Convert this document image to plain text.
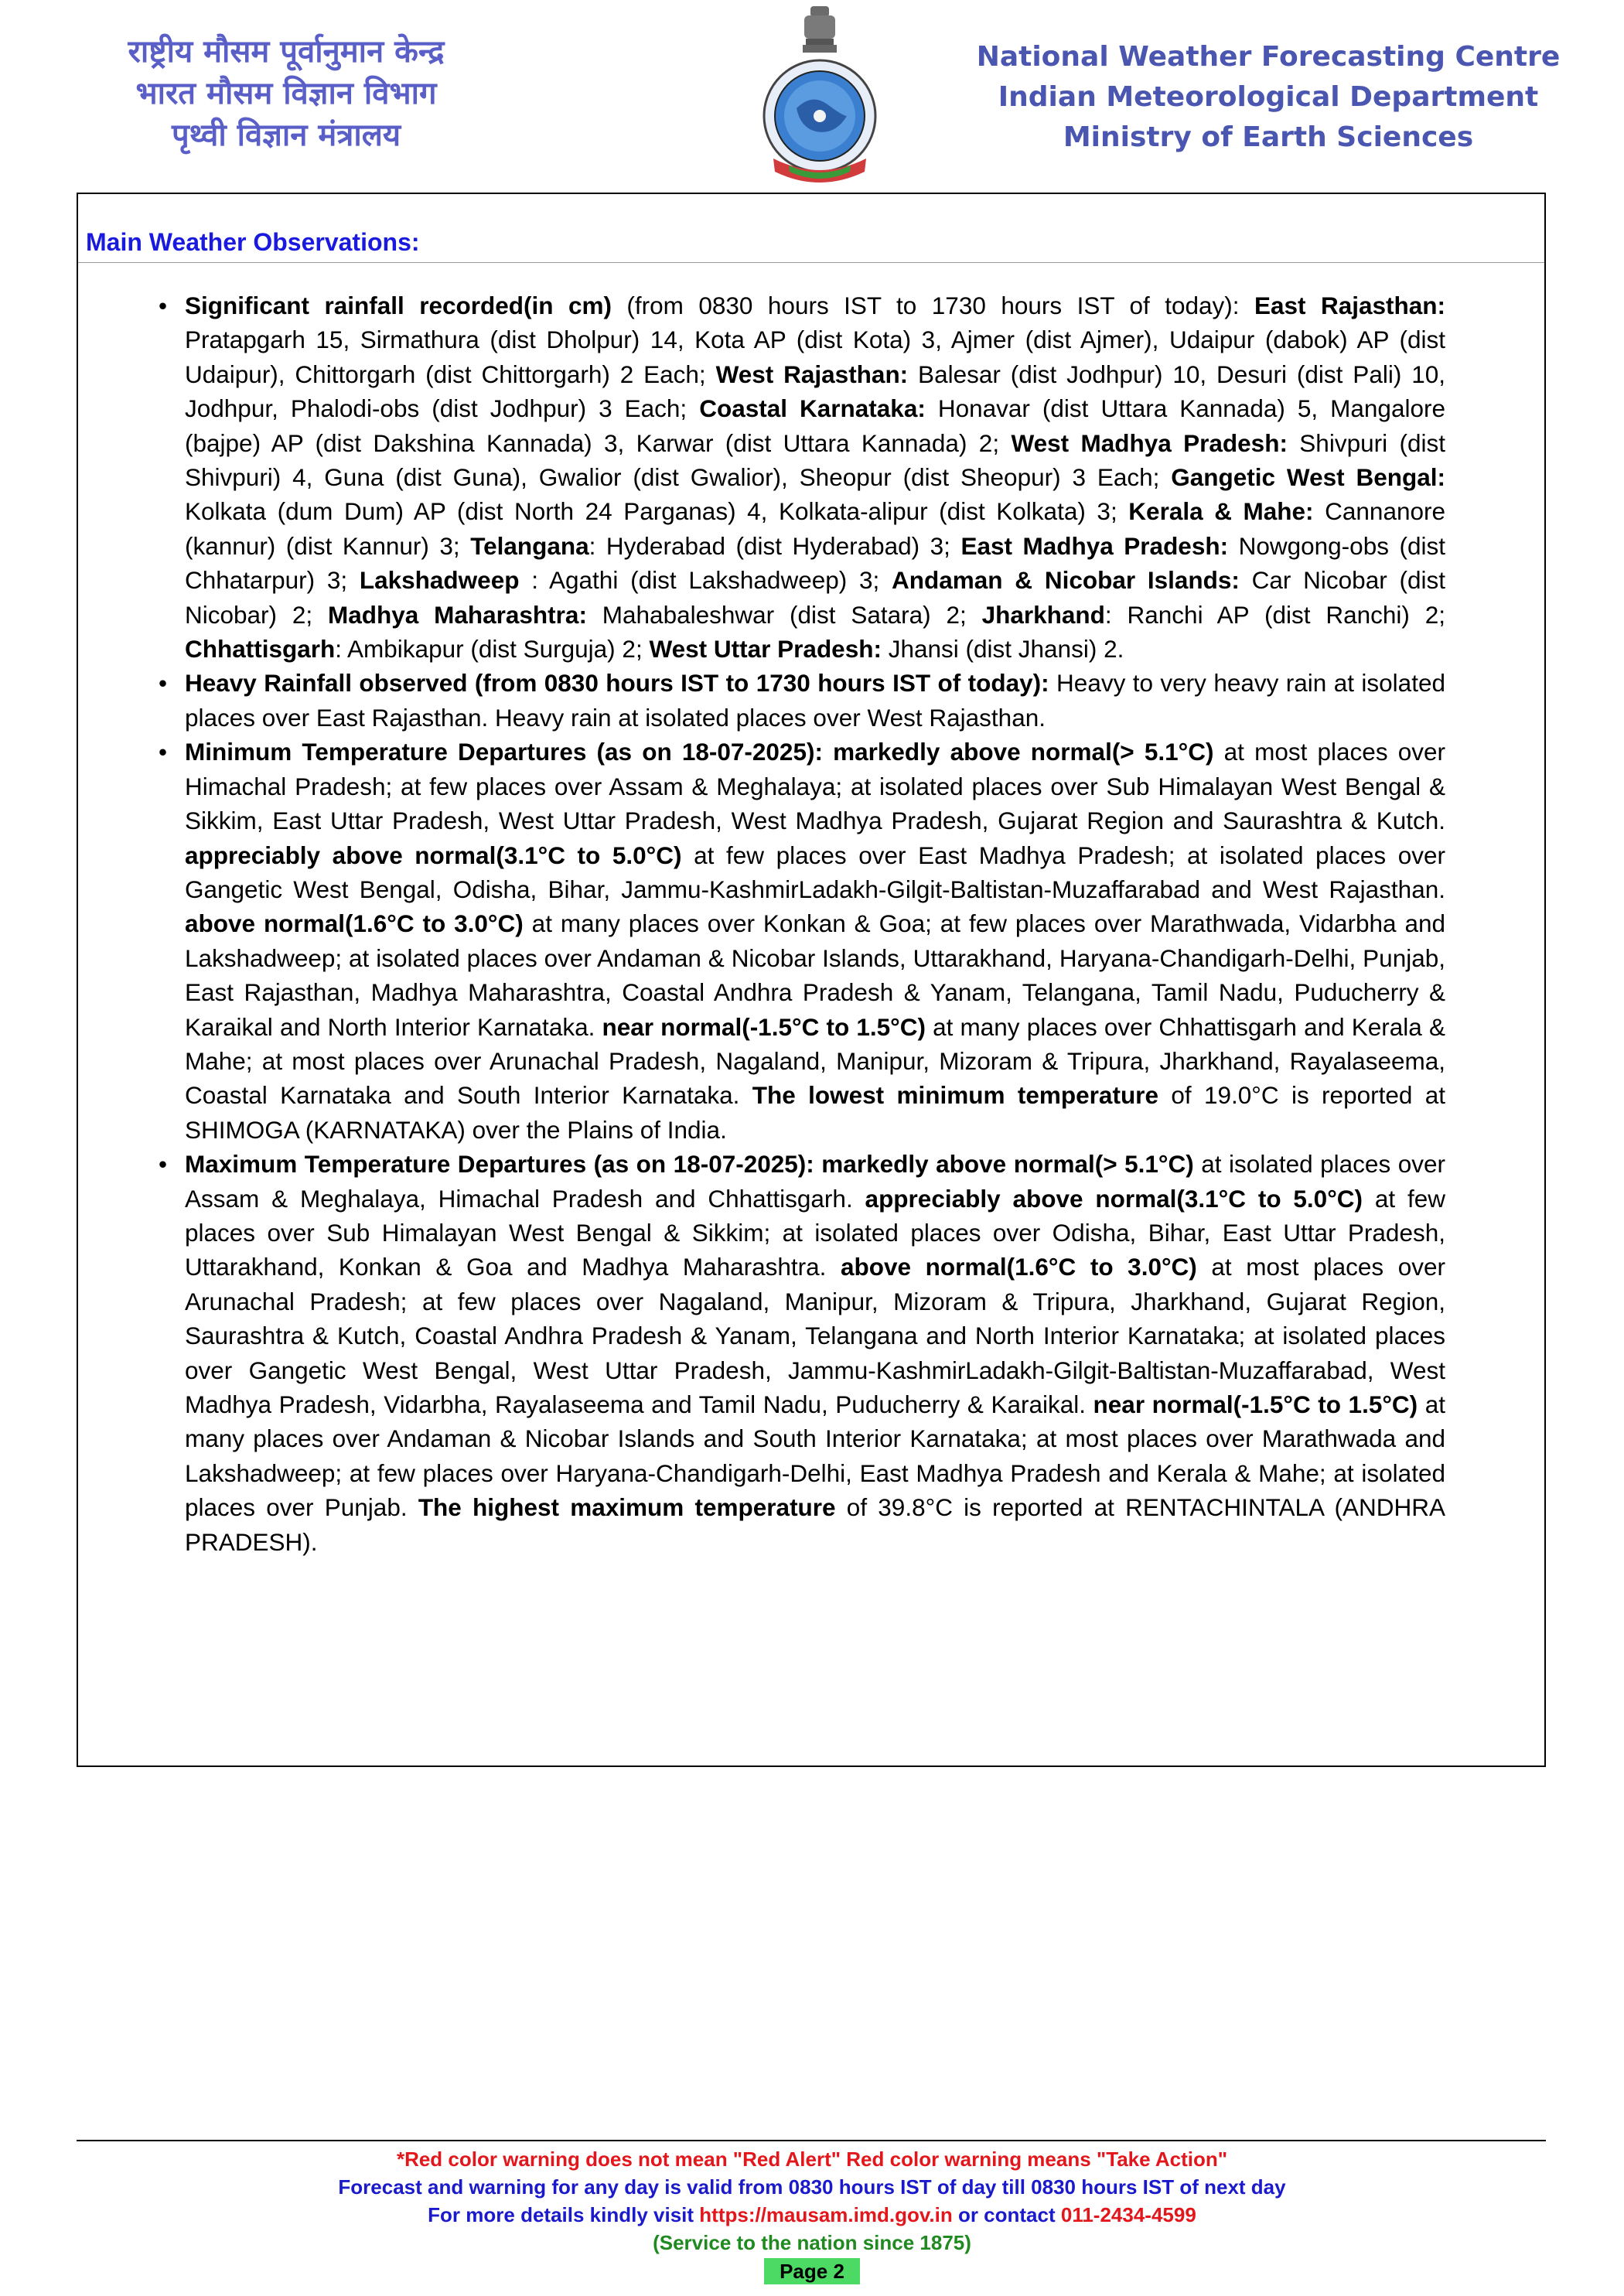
राष्ट्रीय मौसम पूर्वानुमान केन्द्र
भारत मौसम विज्ञान विभाग
पृथ्वी विज्ञान मंत्रालय
National Weather Forecasting Centre
Indian Meteorological Department
Ministry of Earth Sciences
Main Weather Observations:
• Significant rainfall recorded(in cm) (from 0830 hours IST to 1730 hours IST of today): East Rajasthan: Pratapgarh 15, Sirmathura (dist Dholpur) 14, Kota AP (dist Kota) 3, Ajmer (dist Ajmer), Udaipur (dabok) AP (dist Udaipur), Chittorgarh (dist Chittorgarh) 2 Each; West Rajasthan: Balesar (dist Jodhpur) 10, Desuri (dist Pali) 10, Jodhpur, Phalodi-obs (dist Jodhpur) 3 Each; Coastal Karnataka: Honavar (dist Uttara Kannada) 5, Mangalore (bajpe) AP (dist Dakshina Kannada) 3, Karwar (dist Uttara Kannada) 2; West Madhya Pradesh: Shivpuri (dist Shivpuri) 4, Guna (dist Guna), Gwalior (dist Gwalior), Sheopur (dist Sheopur) 3 Each; Gangetic West Bengal: Kolkata (dum Dum) AP (dist North 24 Parganas) 4, Kolkata-alipur (dist Kolkata) 3; Kerala & Mahe: Cannanore (kannur) (dist Kannur) 3; Telangana: Hyderabad (dist Hyderabad) 3; East Madhya Pradesh: Nowgong-obs (dist Chhatarpur) 3; Lakshadweep : Agathi (dist Lakshadweep) 3; Andaman & Nicobar Islands: Car Nicobar (dist Nicobar) 2; Madhya Maharashtra: Mahabaleshwar (dist Satara) 2; Jharkhand: Ranchi AP (dist Ranchi) 2; Chhattisgarh: Ambikapur (dist Surguja) 2; West Uttar Pradesh: Jhansi (dist Jhansi) 2.
• Heavy Rainfall observed (from 0830 hours IST to 1730 hours IST of today): Heavy to very heavy rain at isolated places over East Rajasthan. Heavy rain at isolated places over West Rajasthan.
• Minimum Temperature Departures (as on 18-07-2025): markedly above normal(> 5.1°C) at most places over Himachal Pradesh; at few places over Assam & Meghalaya; at isolated places over Sub Himalayan West Bengal & Sikkim, East Uttar Pradesh, West Uttar Pradesh, West Madhya Pradesh, Gujarat Region and Saurashtra & Kutch. appreciably above normal(3.1°C to 5.0°C) at few places over East Madhya Pradesh; at isolated places over Gangetic West Bengal, Odisha, Bihar, Jammu-KashmirLadakh-Gilgit-Baltistan-Muzaffarabad and West Rajasthan. above normal(1.6°C to 3.0°C) at many places over Konkan & Goa; at few places over Marathwada, Vidarbha and Lakshadweep; at isolated places over Andaman & Nicobar Islands, Uttarakhand, Haryana-Chandigarh-Delhi, Punjab, East Rajasthan, Madhya Maharashtra, Coastal Andhra Pradesh & Yanam, Telangana, Tamil Nadu, Puducherry & Karaikal and North Interior Karnataka. near normal(-1.5°C to 1.5°C) at many places over Chhattisgarh and Kerala & Mahe; at most places over Arunachal Pradesh, Nagaland, Manipur, Mizoram & Tripura, Jharkhand, Rayalaseema, Coastal Karnataka and South Interior Karnataka. The lowest minimum temperature of 19.0°C is reported at SHIMOGA (KARNATAKA) over the Plains of India.
• Maximum Temperature Departures (as on 18-07-2025): markedly above normal(> 5.1°C) at isolated places over Assam & Meghalaya, Himachal Pradesh and Chhattisgarh. appreciably above normal(3.1°C to 5.0°C) at few places over Sub Himalayan West Bengal & Sikkim; at isolated places over Odisha, Bihar, East Uttar Pradesh, Uttarakhand, Konkan & Goa and Madhya Maharashtra. above normal(1.6°C to 3.0°C) at most places over Arunachal Pradesh; at few places over Nagaland, Manipur, Mizoram & Tripura, Jharkhand, Gujarat Region, Saurashtra & Kutch, Coastal Andhra Pradesh & Yanam, Telangana and North Interior Karnataka; at isolated places over Gangetic West Bengal, West Uttar Pradesh, Jammu-KashmirLadakh-Gilgit-Baltistan-Muzaffarabad, West Madhya Pradesh, Vidarbha, Rayalaseema and Tamil Nadu, Puducherry & Karaikal. near normal(-1.5°C to 1.5°C) at many places over Andaman & Nicobar Islands and South Interior Karnataka; at most places over Marathwada and Lakshadweep; at few places over Haryana-Chandigarh-Delhi, East Madhya Pradesh and Kerala & Mahe; at isolated places over Punjab. The highest maximum temperature of 39.8°C is reported at RENTACHINTALA (ANDHRA PRADESH).
*Red color warning does not mean "Red Alert" Red color warning means "Take Action"
Forecast and warning for any day is valid from 0830 hours IST of day till 0830 hours IST of next day
For more details kindly visit https://mausam.imd.gov.in or contact 011-2434-4599
(Service to the nation since 1875)
Page 2
